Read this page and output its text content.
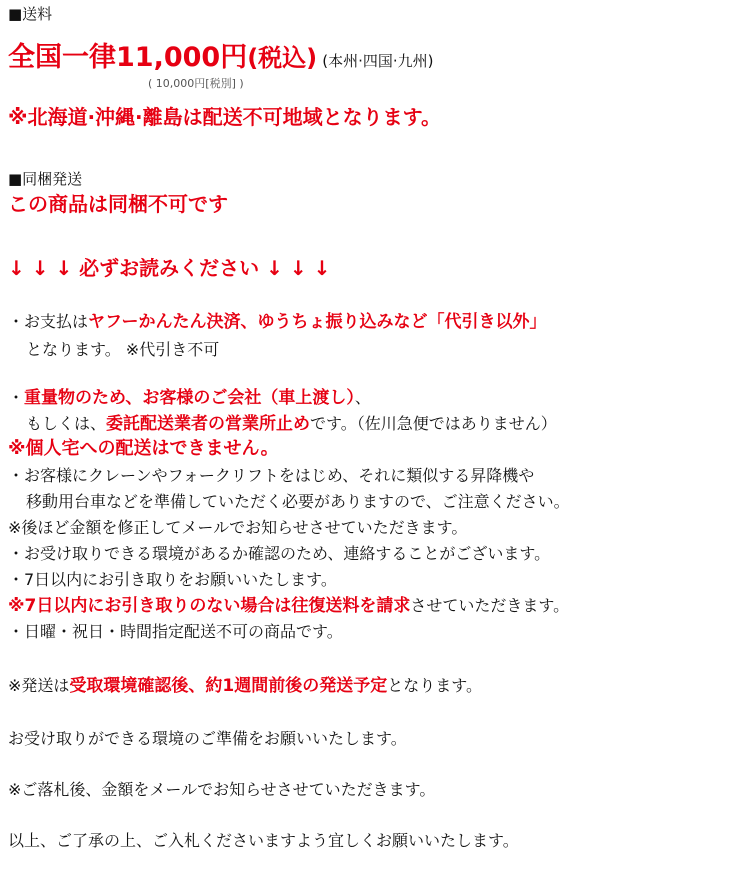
■送料
全国一律11,000円(税込) (本州·四国·九州)
( 10,000円[税別] )
※北海道·沖縄·離島は配送不可地域となります。
■同梱発送
この商品は同梱不可です
↓ ↓ ↓ 必ずお読みください ↓ ↓ ↓
・お支払はヤフーかんたん決済、ゆうちょ振り込みなど「代引き以外」
となります。 ※代引き不可
・重量物のため、お客様のご会社（車上渡し）、
もしくは、委託配送業者の営業所止めです。（佐川急便ではありません）
※個人宅への配送はできません。
・お客様にクレーンやフォークリフトをはじめ、それに類似する昇降機や
移動用台車などを準備していただく必要がありますので、ご注意ください。
※後ほど金額を修正してメールでお知らせさせていただきます。
・お受け取りできる環境があるか確認のため、連絡することがございます。
・7日以内にお引き取りをお願いいたします。
※7日以内にお引き取りのない場合は往復送料を請求させていただきます。
・日曜・祝日・時間指定配送不可の商品です。
※発送は受取環境確認後、約1週間前後の発送予定となります。
お受け取りができる環境のご準備をお願いいたします。
※ご落札後、金額をメールでお知らせさせていただきます。
以上、ご了承の上、ご入札くださいますよう宜しくお願いいたします。
